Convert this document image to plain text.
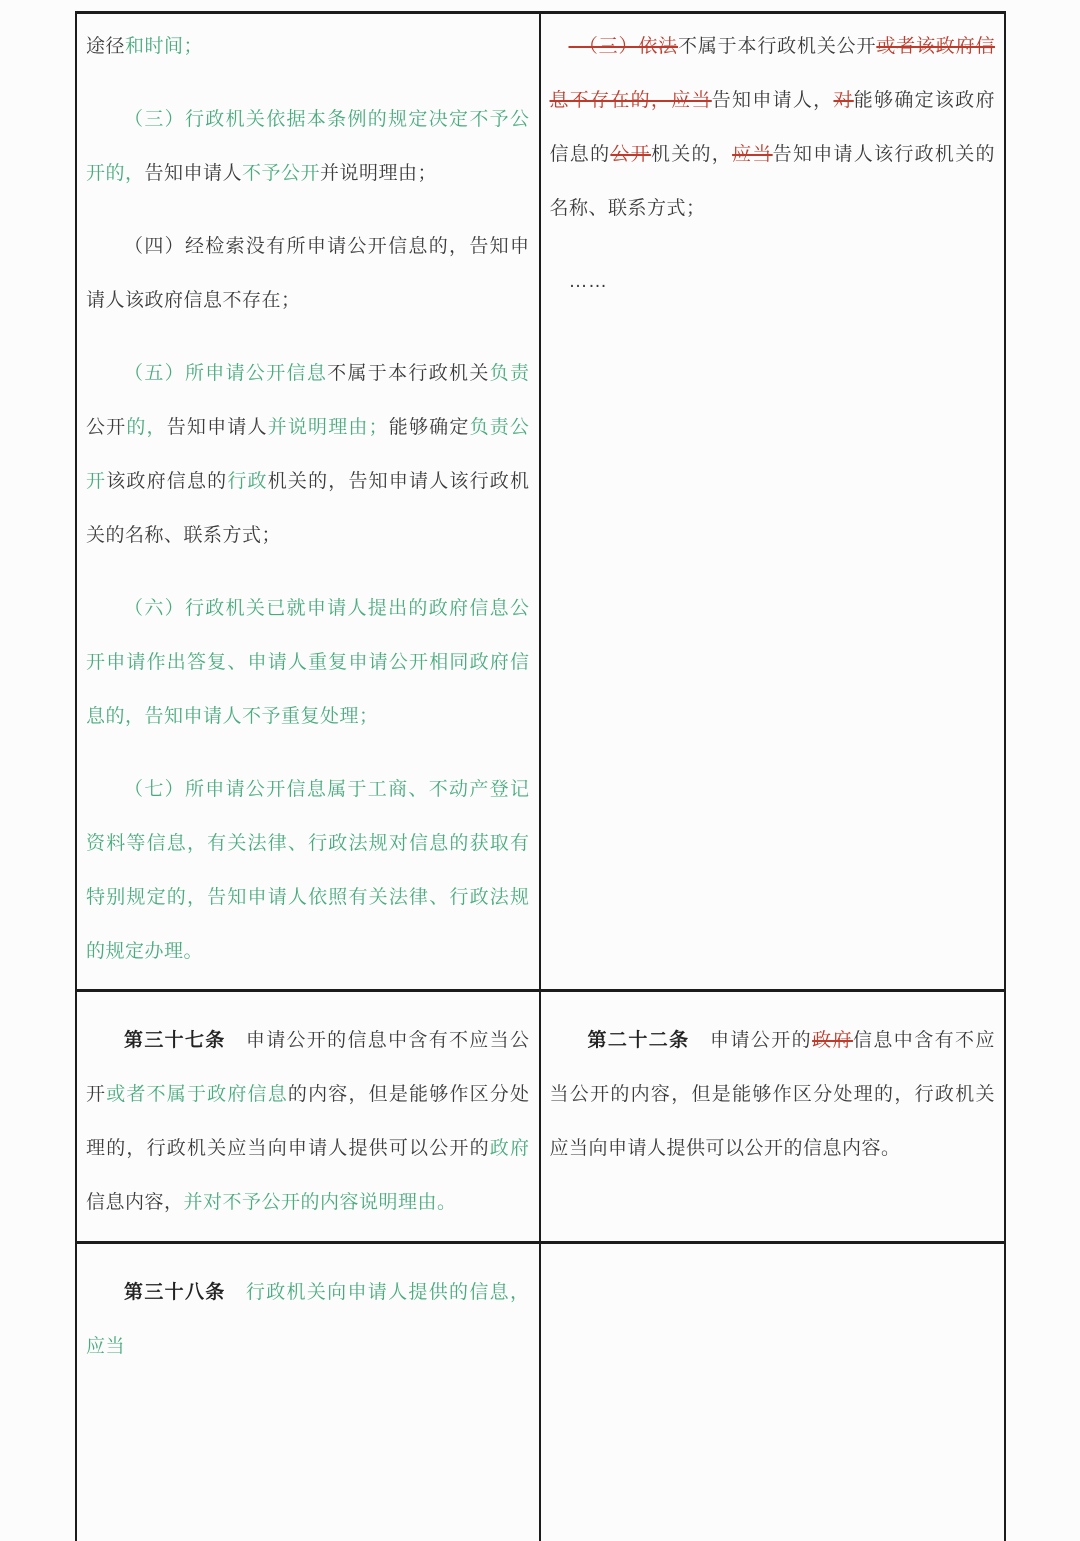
途径和时间；

（三）行政机关依据本条例的规定决定不予公开的，告知申请人不予公开并说明理由；

（四）经检索没有所申请公开信息的，告知申请人该政府信息不存在；

（五）所申请公开信息不属于本行政机关负责公开的，告知申请人并说明理由；能够确定负责公开该政府信息的行政机关的，告知申请人该行政机关的名称、联系方式；

（六）行政机关已就申请人提出的政府信息公开申请作出答复、申请人重复申请公开相同政府信息的，告知申请人不予重复处理；

（七）所申请公开信息属于工商、不动产登记资料等信息，有关法律、行政法规对信息的获取有特别规定的，告知申请人依照有关法律、行政法规的规定办理。

　（三）依法不属于本行政机关公开或者该政府信息不存在的，应当告知申请人，对能够确定该政府信息的公开机关的，应当告知申请人该行政机关的名称、联系方式；

……

第三十七条　申请公开的信息中含有不应当公开或者不属于政府信息的内容，但是能够作区分处理的，行政机关应当向申请人提供可以公开的政府信息内容，并对不予公开的内容说明理由。

第二十二条　申请公开的政府信息中含有不应当公开的内容，但是能够作区分处理的，行政机关应当向申请人提供可以公开的信息内容。

第三十八条　 行政机关向申请人提供的信息，应当
